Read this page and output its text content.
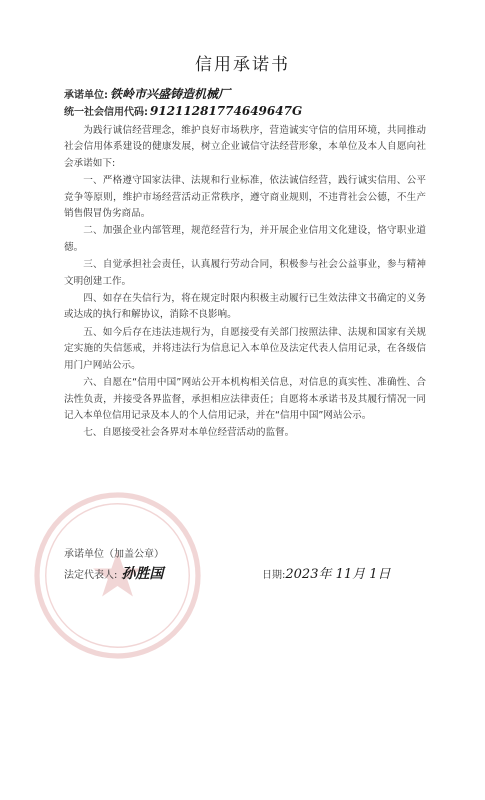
信用承诺书
承诺单位: 铁岭市兴盛铸造机械厂
统一社会信用代码: 91211281774649647G

为践行诚信经营理念，维护良好市场秩序，营造诚实守信的信用环境，共同推动社会信用体系建设的健康发展，树立企业诚信守法经营形象，本单位及本人自愿向社会承诺如下:

一、严格遵守国家法律、法规和行业标准，依法诚信经营，践行诚实信用、公平竞争等原则，维护市场经营活动正常秩序，遵守商业规则，不违背社会公德，不生产销售假冒伪劣商品。

二、加强企业内部管理，规范经营行为，并开展企业信用文化建设，恪守职业道德。

三、自觉承担社会责任，认真履行劳动合同，积极参与社会公益事业，参与精神文明创建工作。

四、如存在失信行为，将在规定时限内积极主动履行已生效法律文书确定的义务或达成的执行和解协议，消除不良影响。

五、如今后存在违法违规行为，自愿接受有关部门按照法律、法规和国家有关规定实施的失信惩戒，并将违法行为信息记入本单位及法定代表人信用记录，在各级信用门户网站公示。

六、自愿在“信用中国”网站公开本机构相关信息，对信息的真实性、准确性、合法性负责，并接受各界监督，承担相应法律责任；自愿将本承诺书及其履行情况一同记入本单位信用记录及本人的个人信用记录，并在“信用中国”网站公示。

七、自愿接受社会各界对本单位经营活动的监督。

承诺单位（加盖公章）
法定代表人: 孙胜国	日期:2023年 11月 1日
